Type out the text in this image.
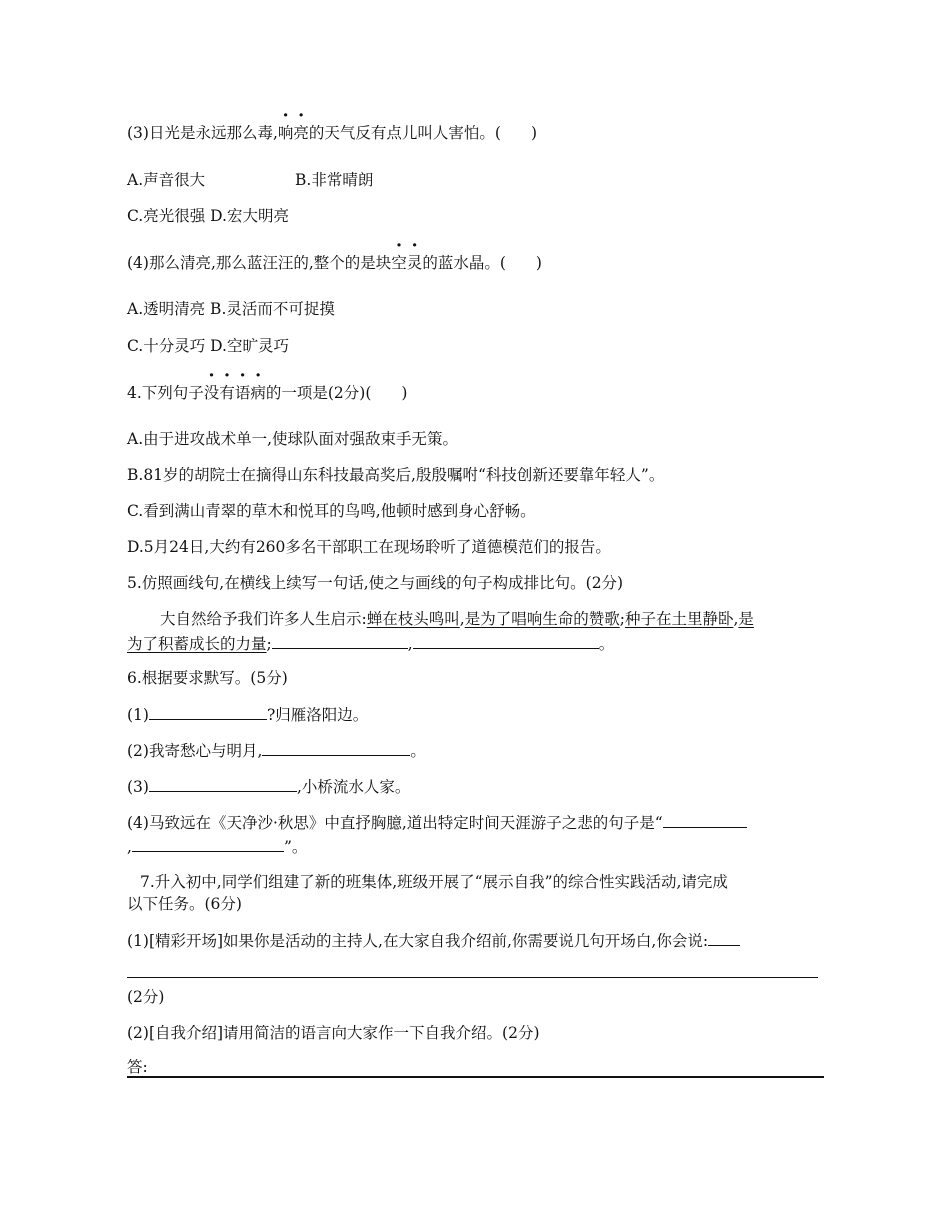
(3)日光是永远那么毒,响亮的天气反有点儿叫人害怕。( )
A.声音很大	B.非常晴朗
C.亮光很强 D.宏大明亮
(4)那么清亮,那么蓝汪汪的,整个的是块空灵的蓝水晶。( )
A.透明清亮 B.灵活而不可捉摸
C.十分灵巧 D.空旷灵巧
4.下列句子没有语病的一项是(2分)( )
A.由于进攻战术单一,使球队面对强敌束手无策。
B.81岁的胡院士在摘得山东科技最高奖后,殷殷嘱咐“科技创新还要靠年轻人”。
C.看到满山青翠的草木和悦耳的鸟鸣,他顿时感到身心舒畅。
D.5月24日,大约有260多名干部职工在现场聆听了道德模范们的报告。
5.仿照画线句,在横线上续写一句话,使之与画线的句子构成排比句。(2分)
大自然给予我们许多人生启示:蝉在枝头鸣叫,是为了唱响生命的赞歌;种子在土里静卧,是
为了积蓄成长的力量;	,	。
6.根据要求默写。(5分)
(1)	?归雁洛阳边。
(2)我寄愁心与明月,	。
(3)	,小桥流水人家。
(4)马致远在《天净沙·秋思》中直抒胸臆,道出特定时间天涯游子之悲的句子是“
,	”。
7.升入初中,同学们组建了新的班集体,班级开展了“展示自我”的综合性实践活动,请完成
以下任务。(6分)
(1)[精彩开场]如果你是活动的主持人,在大家自我介绍前,你需要说几句开场白,你会说:
(2分)
(2)[自我介绍]请用简洁的语言向大家作一下自我介绍。(2分)
答:
